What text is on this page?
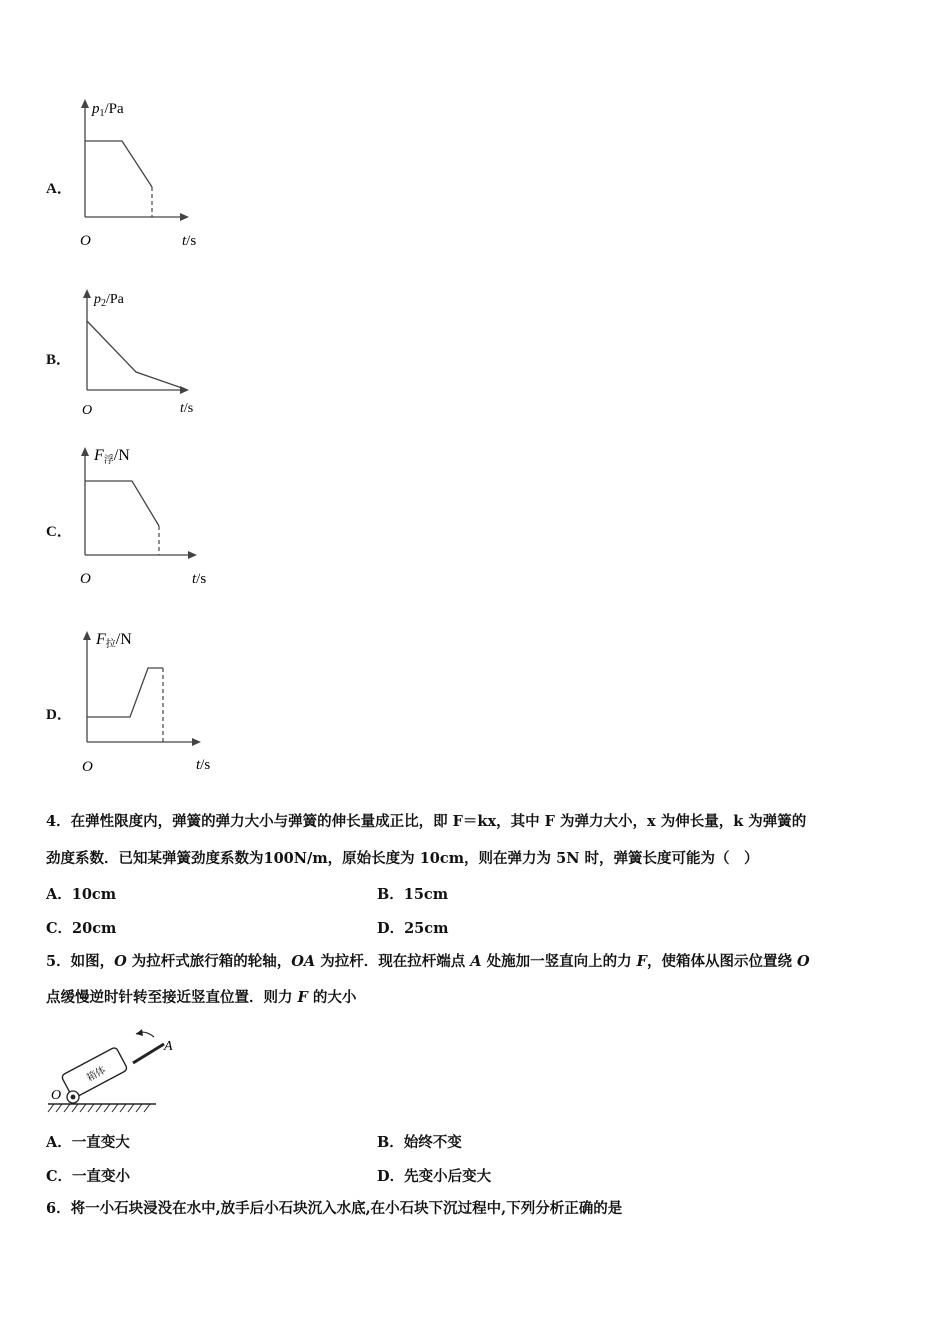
A．
$p_1/Pa$
O	t/s
B．
$p_2/Pa$
O	t/s
C．
F浮/N
O	t/s
D．
F拉/N
O	t/s
4．在弹性限度内，弹簧的弹力大小与弹簧的伸长量成正比，即 F＝kx，其中 F 为弹力大小，x 为伸长量，k 为弹簧的
劲度系数．已知某弹簧劲度系数为100N/m，原始长度为 10cm，则在弹力为 5N 时，弹簧长度可能为（　）
A．10cm	B．15cm
C．20cm	D．25cm
5．如图，O 为拉杆式旅行箱的轮轴，OA 为拉杆．现在拉杆端点 A 处施加一竖直向上的力 F，使箱体从图示位置绕 O
点缓慢逆时针转至接近竖直位置．则力 F 的大小
箱体
A
O
A．一直变大	B．始终不变
C．一直变小	D．先变小后变大
6．将一小石块浸没在水中,放手后小石块沉入水底,在小石块下沉过程中,下列分析正确的是
